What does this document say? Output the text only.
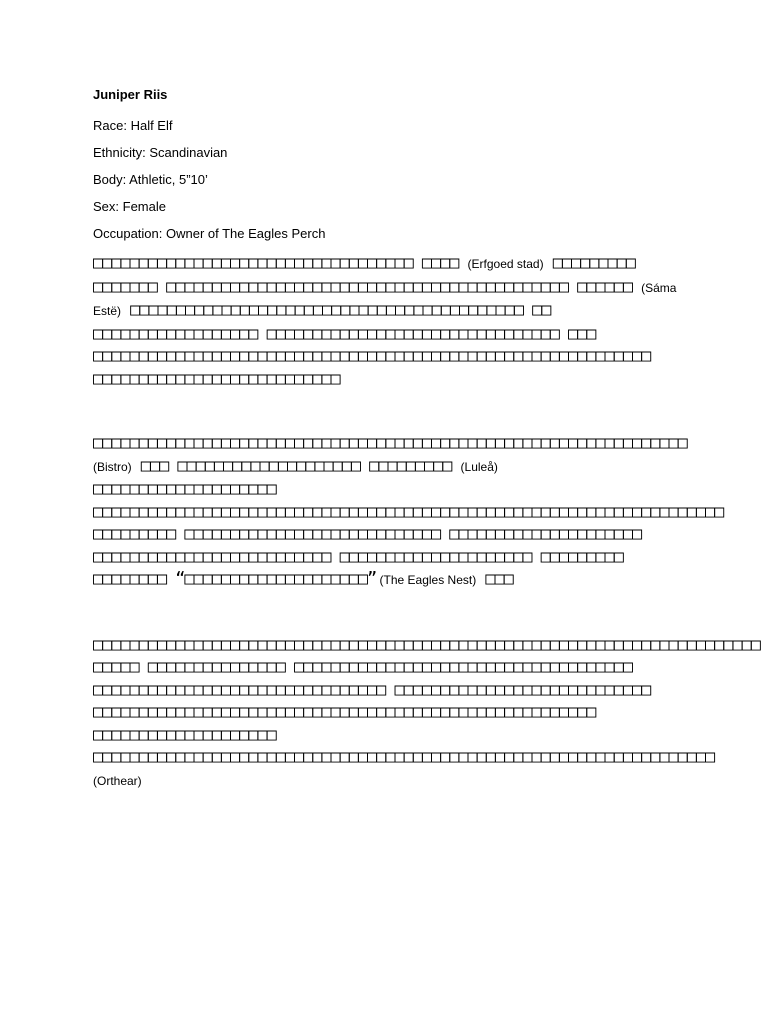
Juniper Riis

Race: Half Elf

Ethnicity: Scandinavian

Body: Athletic, 5”10’

Sex: Female

Occupation: Owner of The Eagles Perch

□□□□□□□□□□□□□□□□□□□□□□□□□□□□□□□□□□□ □□□□ (Erfgoed stad) □□□□□□□□□ □□□□□□□ □□□□□□□□□□□□□□□□□□□□□□□□□□□□□□□□□□□□□□□□□□□□ □□□□□□ (Sáma Estë) □□□□□□□□□□□□□□□□□□□□□□□□□□□□□□□□□□□□□□□□□□□ □□ □□□□□□□□□□□□□□□□□□ □□□□□□□□□□□□□□□□□□□□□□□□□□□□□□□□ □□□ □□□□□□□□□□□□□□□□□□□□□□□□□□□□□□□□□□□□□□□□□□□□□□□□□□□□□□□□□□□□□ □□□□□□□□□□□□□□□□□□□□□□□□□□□

□□□□□□□□□□□□□□□□□□□□□□□□□□□□□□□□□□□□□□□□□□□□□□□□□□□□□□□□□□□□□□□□□ (Bistro) □□□ □□□□□□□□□□□□□□□□□□□□ □□□□□□□□□ (Luleå) □□□□□□□□□□□□□□□□□□□□ □□□□□□□□□□□□□□□□□□□□□□□□□□□□□□□□□□□□□□□□□□□□□□□□□□□□□□□□□□□□□□□□□□□□□ □□□□□□□□□ □□□□□□□□□□□□□□□□□□□□□□□□□□□□ □□□□□□□□□□□□□□□□□□□□□ □□□□□□□□□□□□□□□□□□□□□□□□□□ □□□□□□□□□□□□□□□□□□□□□ □□□□□□□□□ □□□□□□□□ “□□□□□□□□□□□□□□□□□□□□” (The Eagles Nest) □□□

□□□□□□□□□□□□□□□□□□□□□□□□□□□□□□□□□□□□□□□□□□□□□□□□□□□□□□□□□□□□□□□□□□□□□□□□□ □□□□□ □□□□□□□□□□□□□□□ □□□□□□□□□□□□□□□□□□□□□□□□□□□□□□□□□□□□□ □□□□□□□□□□□□□□□□□□□□□□□□□□□□□□□□ □□□□□□□□□□□□□□□□□□□□□□□□□□□□ □□□□□□□□□□□□□□□□□□□□□□□□□□□□□□□□□□□□□□□□□□□□□□□□□□□□□□□ □□□□□□□□□□□□□□□□□□□□ □□□□□□□□□□□□□□□□□□□□□□□□□□□□□□□□□□□□□□□□□□□□□□□□□□□□□□□□□□□□□□□□□□□□ (Orthear)
